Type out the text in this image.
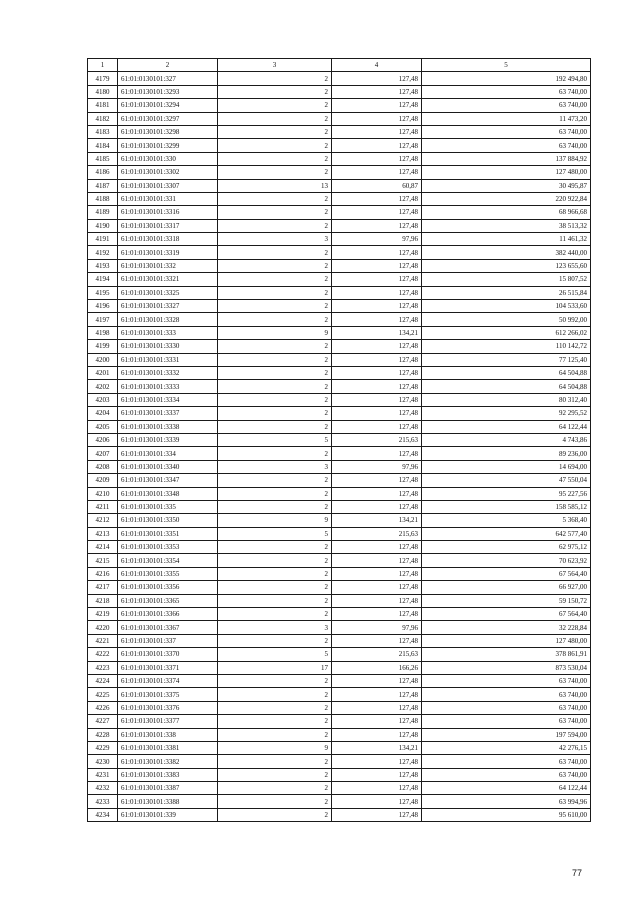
1	2	3	4	5
4179	61:01:0130101:327	2	127,48	192 494,80
4180	61:01:0130101:3293	2	127,48	63 740,00
4181	61:01:0130101:3294	2	127,48	63 740,00
4182	61:01:0130101:3297	2	127,48	11 473,20
4183	61:01:0130101:3298	2	127,48	63 740,00
4184	61:01:0130101:3299	2	127,48	63 740,00
4185	61:01:0130101:330	2	127,48	137 884,92
4186	61:01:0130101:3302	2	127,48	127 480,00
4187	61:01:0130101:3307	13	60,87	30 495,87
4188	61:01:0130101:331	2	127,48	220 922,84
4189	61:01:0130101:3316	2	127,48	68 966,68
4190	61:01:0130101:3317	2	127,48	38 513,32
4191	61:01:0130101:3318	3	97,96	11 461,32
4192	61:01:0130101:3319	2	127,48	382 440,00
4193	61:01:0130101:332	2	127,48	123 655,60
4194	61:01:0130101:3321	2	127,48	15 807,52
4195	61:01:0130101:3325	2	127,48	26 515,84
4196	61:01:0130101:3327	2	127,48	104 533,60
4197	61:01:0130101:3328	2	127,48	50 992,00
4198	61:01:0130101:333	9	134,21	612 266,02
4199	61:01:0130101:3330	2	127,48	110 142,72
4200	61:01:0130101:3331	2	127,48	77 125,40
4201	61:01:0130101:3332	2	127,48	64 504,88
4202	61:01:0130101:3333	2	127,48	64 504,88
4203	61:01:0130101:3334	2	127,48	80 312,40
4204	61:01:0130101:3337	2	127,48	92 295,52
4205	61:01:0130101:3338	2	127,48	64 122,44
4206	61:01:0130101:3339	5	215,63	4 743,86
4207	61:01:0130101:334	2	127,48	89 236,00
4208	61:01:0130101:3340	3	97,96	14 694,00
4209	61:01:0130101:3347	2	127,48	47 550,04
4210	61:01:0130101:3348	2	127,48	95 227,56
4211	61:01:0130101:335	2	127,48	158 585,12
4212	61:01:0130101:3350	9	134,21	5 368,40
4213	61:01:0130101:3351	5	215,63	642 577,40
4214	61:01:0130101:3353	2	127,48	62 975,12
4215	61:01:0130101:3354	2	127,48	70 623,92
4216	61:01:0130101:3355	2	127,48	67 564,40
4217	61:01:0130101:3356	2	127,48	66 927,00
4218	61:01:0130101:3365	2	127,48	59 150,72
4219	61:01:0130101:3366	2	127,48	67 564,40
4220	61:01:0130101:3367	3	97,96	32 228,84
4221	61:01:0130101:337	2	127,48	127 480,00
4222	61:01:0130101:3370	5	215,63	378 861,91
4223	61:01:0130101:3371	17	166,26	873 530,04
4224	61:01:0130101:3374	2	127,48	63 740,00
4225	61:01:0130101:3375	2	127,48	63 740,00
4226	61:01:0130101:3376	2	127,48	63 740,00
4227	61:01:0130101:3377	2	127,48	63 740,00
4228	61:01:0130101:338	2	127,48	197 594,00
4229	61:01:0130101:3381	9	134,21	42 276,15
4230	61:01:0130101:3382	2	127,48	63 740,00
4231	61:01:0130101:3383	2	127,48	63 740,00
4232	61:01:0130101:3387	2	127,48	64 122,44
4233	61:01:0130101:3388	2	127,48	63 994,96
4234	61:01:0130101:339	2	127,48	95 610,00
77
